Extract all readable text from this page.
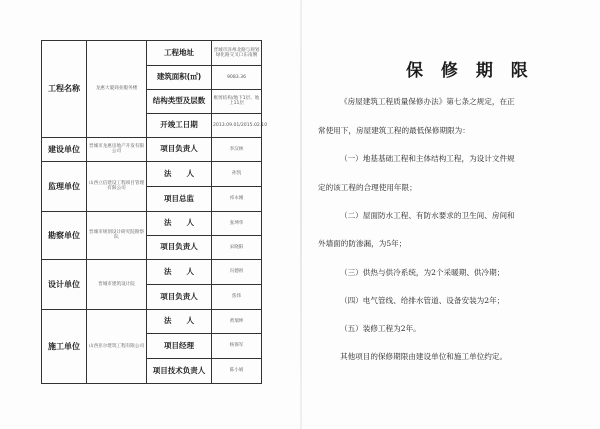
工程名称	龙惠大厦商业服务楼	工程地址	晋城市泽州北路与规划绿化路交叉口东南侧
		建筑面积(㎡)	9083.36
		结构类型及层数	框剪结构/地下1层、地上11层
		开竣工日期	2013.09.01/2015.02.10
建设单位	晋城市龙惠房地产开发有限公司	项目负责人	李汉林
监理单位	山西立信建设工程项目管理有限公司	法　　人	孙凯
		项目总监	祁永刚
勘察单位	晋城市规划设计研究院勘察队	法　　人	张坤华
		项目负责人	宋晓阳
设计单位	晋城市建筑设计院	法　　人	冯德祖
		项目负责人	焦炜
施工单位	山西亚尔建筑工程有限公司	法　　人	黄瑞坤
		项目经理	杨保军
		项目技术负责人	陈小娟
保 修 期 限
《房屋建筑工程质量保修办法》第七条之规定，在正
常使用下，房屋建筑工程的最低保修期限为：
（一）地基基础工程和主体结构工程，为设计文件规
定的该工程的合理使用年限；
（二）屋面防水工程、有防水要求的卫生间、房间和
外墙面的防渗漏，为5年；
（三）供热与供冷系统，为2个采暖期、供冷期；
（四）电气管线、给排水管道、设备安装为2年；
（五）装修工程为2年。
其他项目的保修期限由建设单位和施工单位约定。
